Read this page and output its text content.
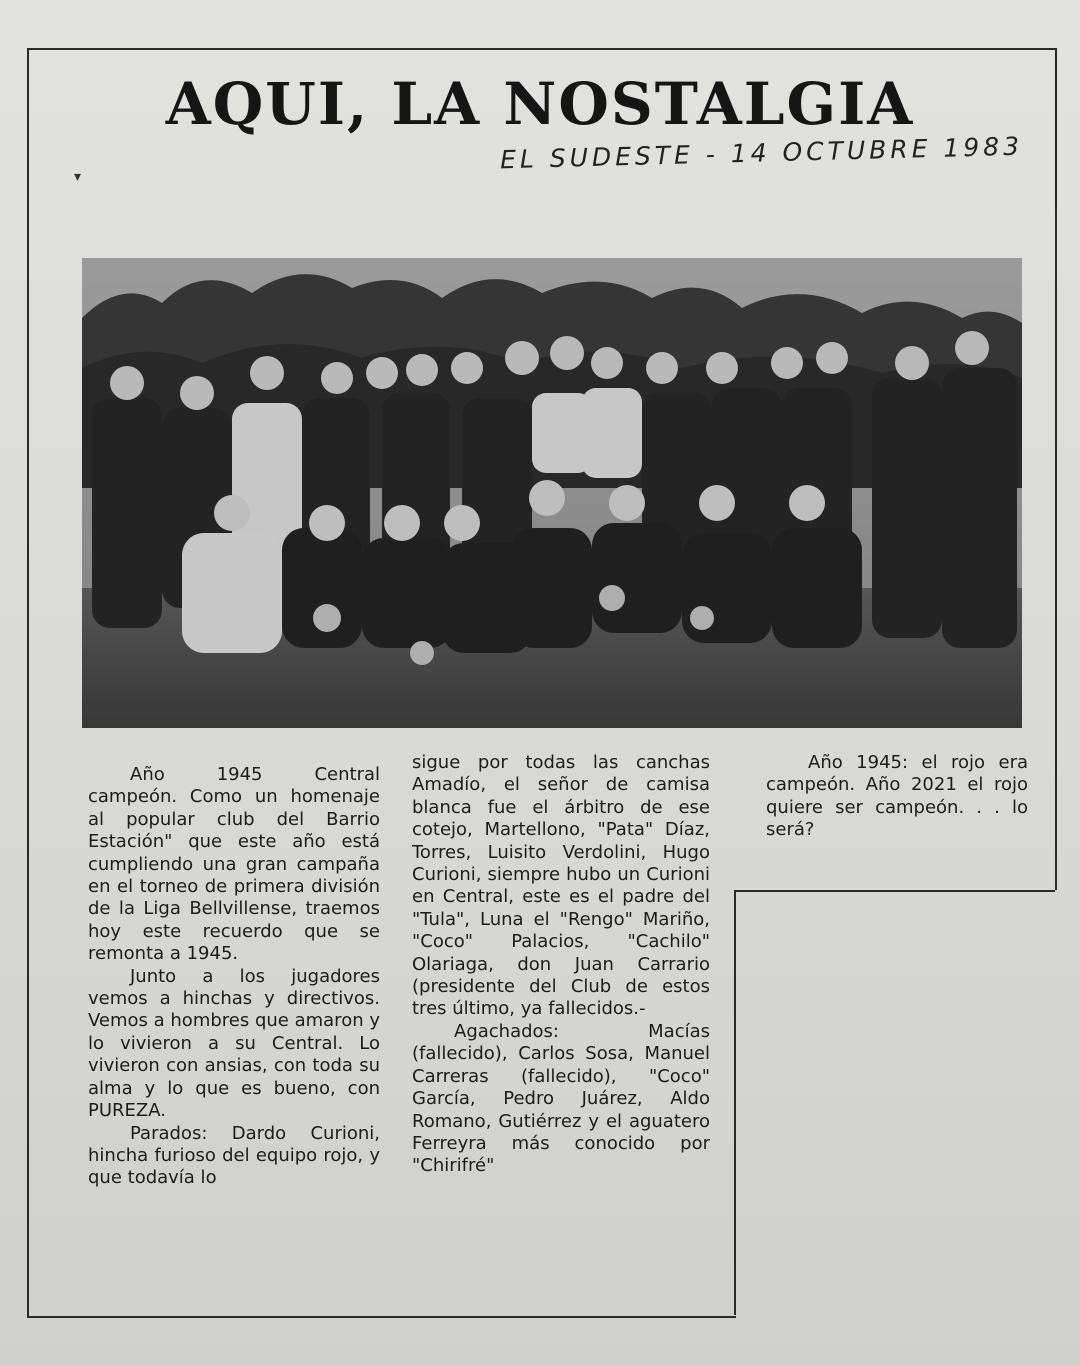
AQUI, LA NOSTALGIA
EL SUDESTE - 14 OCTUBRE 1983
▾

Año 1945 Central campeón. Como un homenaje al popular club del Barrio Estación" que este año está cumpliendo una gran campaña en el torneo de primera división de la Liga Bellvillense, traemos hoy este recuerdo que se remonta a 1945.

Junto a los jugadores vemos a hinchas y directivos. Vemos a hombres que amaron y lo vivieron a su Central. Lo vivieron con ansias, con toda su alma y lo que es bueno, con PUREZA.

Parados: Dardo Curioni, hincha furioso del equipo rojo, y que todavía lo

sigue por todas las canchas Amadío, el señor de camisa blanca fue el árbitro de ese cotejo, Martellono, "Pata" Díaz, Torres, Luisito Verdolini, Hugo Curioni, siempre hubo un Curioni en Central, este es el padre del "Tula", Luna el "Rengo" Mariño, "Coco" Palacios, "Cachilo" Olariaga, don Juan Carrario (presidente del Club de estos tres último, ya fallecidos.-

Agachados: Macías (fallecido), Carlos Sosa, Manuel Carreras (fallecido), "Coco" García, Pedro Juárez, Aldo Romano, Gutiérrez y el aguatero Ferreyra más conocido por "Chirifré"

Año 1945: el rojo era campeón. Año 2021 el rojo quiere ser campeón. . . lo será?
